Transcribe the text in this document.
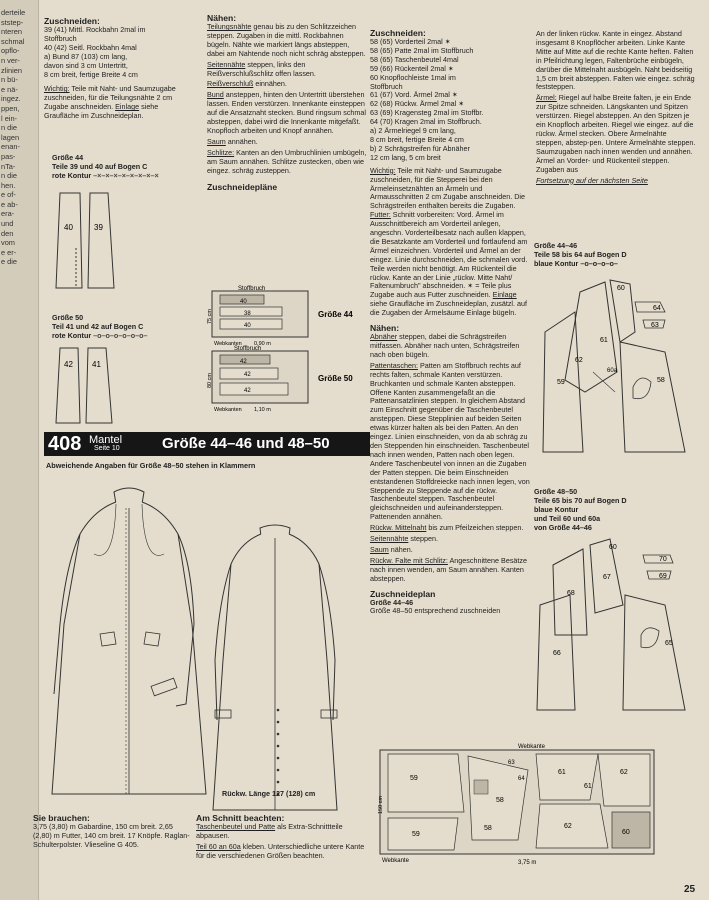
derteile
ststep-
nteren
schmal
opflo-
n ver-
zlinien
n bü-
e nä-
ingez.
ppen,
l ein-
n die
lagen
enan-
pas-
nTa-
n die
hen.
e of-
e ab-
era-
und
den
vom
e er-
e die
Zuschneiden:
39 (41) Mittl. Rockbahn 2mal im
Stoffbruch
40 (42) Seitl. Rockbahn 4mal
a) Bund 87 (103) cm lang,
davon sind 3 cm Untertritt,
8 cm breit, fertige Breite 4 cm

Wichtig: Teile mit Naht- und Saumzugabe zuschneiden, für die Teilungsnähte 2 cm Zugabe anschneiden. Einlage siehe Graufläche im Zuschneideplan.

Größe 44
Teile 39 und 40 auf Bogen C
rote Kontur –×–×–×–×–×–×–×–×
40	39
Größe 50
Teil 41 und 42 auf Bogen C
rote Kontur –o–o–o–o–o–o–
42 41
Nähen:

Teilungsnähte genau bis zu den Schlitzzeichen steppen. Zugaben in die mittl. Rockbahnen bügeln. Nähte wie markiert längs absteppen, dabei am Nahtende noch nicht schräg absteppen.

Seitennähte steppen, links den Reißverschlußschlitz offen lassen.

Reißverschluß einnähen.

Bund ansteppen, hinten den Untertritt überstehen lassen. Enden verstürzen. Innenkante einsteppen auf die Ansatznaht stecken. Bund ringsum schmal absteppen, dabei wird die Innenkante mitgefaßt. Knopfloch arbeiten und Knopf annähen.

Saum annähen.

Schlitze: Kanten an den Umbruchlinien umbügeln, am Saum annähen. Schlitze zustecken, oben wie eingez. schräg zusteppen.

Zuschneidepläne
Stoffbruch
40
38
40
Webkanten 0,90 m
75 cm	Größe 44
Stoffbruch
42
42
42
Webkanten 1,10 m
80 cm	Größe 50
408 Mantel
Seite 10	Größe 44–46 und 48–50
Abweichende Angaben für Größe 48–50 stehen in Klammern
Rückw. Länge 127 (128) cm
Sie brauchen:
3,75 (3,80) m Gabardine, 150 cm breit. 2,65 (2,80) m Futter, 140 cm breit. 17 Knöpfe. Raglan-Schulterpolster. Vlieseline G 405.
Am Schnitt beachten:

Taschenbeutel und Patte als Extra-Schnittteile abpausen.

Teil 60 an 60a kleben. Unterschiedliche untere Kante für die verschiedenen Größen beachten.

Zuschneiden:
58 (65) Vorderteil 2mal ✶
58 (65) Patte 2mal im Stoffbruch
58 (65) Taschenbeutel 4mal
59 (66) Rückenteil 2mal ✶
60 Knopflochleiste 1mal im
Stoffbruch
61 (67) Vord. Ärmel 2mal ✶
62 (68) Rückw. Ärmel 2mal ✶
63 (69) Kragensteg 2mal im Stoffbr.
64 (70) Kragen 2mal im Stoffbruch.
a) 2 Ärmelriegel 9 cm lang,
8 cm breit, fertige Breite 4 cm
b) 2 Schrägstreifen für Abnäher
12 cm lang, 5 cm breit

Wichtig: Teile mit Naht- und Saumzugabe zuschneiden, für die Stepperei bei den Ärmeleinsetznähten an Ärmeln und Armausschnitten 2 cm Zugabe anschneiden. Die Schrägstreifen enthalten bereits die Zugaben. Futter: Schnitt vorbereiten: Vord. Ärmel im Ausschnittbereich am Vorderteil anlegen, angeschn. Vorderteilbesatz nach außen klappen, die Besatzkante am Vorderteil und fortlaufend am Ärmel einzeichnen. Vorderteil und Ärmel an der eingez. Linie durchschneiden, die schmalen vord. Teile werden nicht benötigt. Am Rückenteil die rückw. Kante an der Linie „rückw. Mitte Naht/ Faltenumbruch" abschneiden. ✶ = Teile plus Zugabe auch aus Futter zuschneiden. Einlage siehe Graufläche im Zuschneideplan, zusätzl. auf die Zugaben der Ärmelsäume Einlage bügeln.

Nähen:

Abnäher steppen, dabei die Schrägstreifen mitfassen. Abnäher nach unten, Schrägstreifen nach oben bügeln.

Pattentaschen: Patten am Stoffbruch rechts auf rechts falten, schmale Kanten verstürzen. Bruchkanten und schmale Kanten absteppen. Offene Kanten zusammengefaßt an die Pattenansatzlinien steppen. In gleichem Abstand zum Einschnitt gegenüber die Taschenbeutel ansteppen. Diese Stepplinien auf beiden Seiten etwas kürzer halten als bei den Patten. An den eingez. Linien einschneiden, von da ab schräg zu den Steppenden hin einschneiden. Taschenbeutel nach innen wenden, Patten nach oben legen. Andere Taschenbeutel von innen an die Zugaben der Patten steppen. Die beim Einschneiden entstandenen Stoffdreiecke nach innen legen, von Steppende zu Steppende auf die rückw. Taschenbeutel steppen. Taschenbeutel gleichschneiden und aufeinandersteppen. Pattenenden annähen.

Rückw. Mittelnaht bis zum Pfeilzeichen steppen.

Seitennähte steppen.

Saum nähen.

Rückw. Falte mit Schlitz: Angeschnittene Besätze nach innen wenden, am Saum annähen. Kanten absteppen.

Zuschneideplan
Größe 44–46
Größe 48–50 entsprechend zuschneiden

An der linken rückw. Kante in eingez. Abstand insgesamt 8 Knopflöcher arbeiten. Linke Kante Mitte auf Mitte auf die rechte Kante heften. Falten in Pfeilrichtung legen, Faltenbrüche einbügeln, darüber die Mittelnaht ausbügeln. Naht beidseitig 1,5 cm breit absteppen. Falten wie eingez. schräg feststeppen.

Ärmel: Riegel auf halbe Breite falten, je ein Ende zur Spitze schneiden. Längskanten und Spitzen verstürzen. Riegel absteppen. An den Spitzen je ein Knopfloch arbeiten. Riegel wie eingez. auf die rückw. Ärmel stecken. Obere Ärmelnähte steppen, abstep-pen. Untere Ärmelnähte steppen. Saumzugaben nach innen wenden und annähen. Ärmel an Vorder- und Rückenteil steppen. Zugaben aus

Fortsetzung auf der nächsten Seite

Größe 44–46
Teile 58 bis 64 auf Bogen D
blaue Kontur –o–o–o–o–
60
64
63
62
61
60a
58
59
Größe 48–50
Teile 65 bis 70 auf Bogen D
blaue Kontur
und Teil 60 und 60a
von Größe 44–46
70
69
68
67
66
65
60
Webkante
59
58
61	62
60
63
64
58	62
61
59
150 cm
Webkante	3,75 m
25
